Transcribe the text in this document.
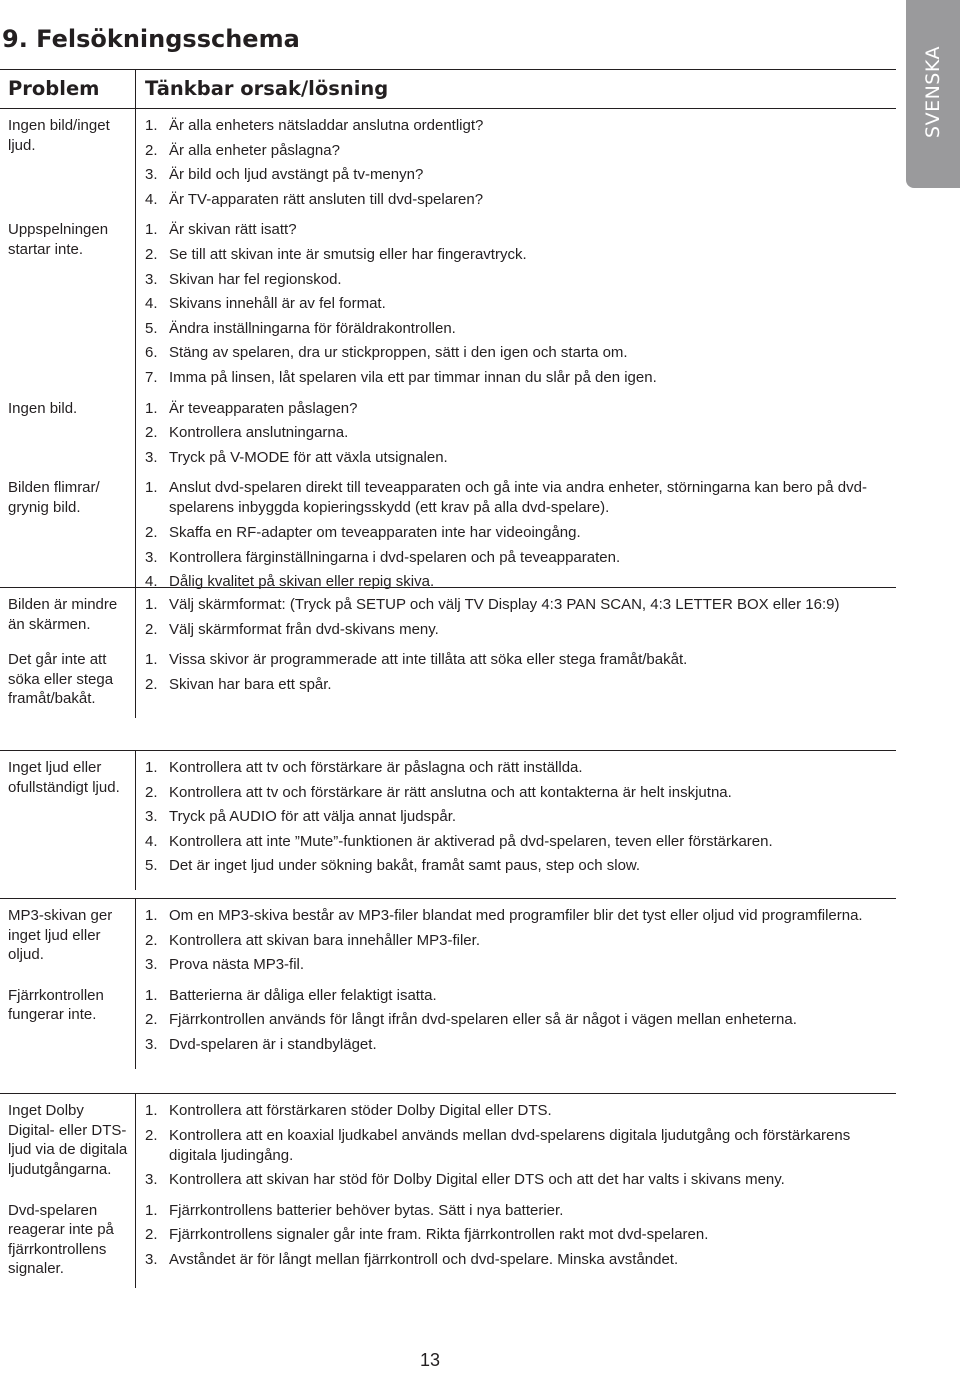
9. Felsökningsschema
SVENSKA
Problem	Tänkbar orsak/lösning
Ingen bild/inget ljud.
1. Är alla enheters nätsladdar anslutna ordentligt?
2. Är alla enheter påslagna?
3. Är bild och ljud avstängt på tv-menyn?
4. Är TV-apparaten rätt ansluten till dvd-spelaren?
Uppspelningen startar inte.
1. Är skivan rätt isatt?
2. Se till att skivan inte är smutsig eller har fingeravtryck.
3. Skivan har fel regionskod.
4. Skivans innehåll är av fel format.
5. Ändra inställningarna för föräldrakontrollen.
6. Stäng av spelaren, dra ur stickproppen, sätt i den igen och starta om.
7. Imma på linsen, låt spelaren vila ett par timmar innan du slår på den igen.
Ingen bild.	1. Är teveapparaten påslagen?
2. Kontrollera anslutningarna.
3. Tryck på V-MODE för att växla utsignalen.
Bilden flimrar/ grynig bild.
1. Anslut dvd-spelaren direkt till teveapparaten och gå inte via andra enheter, störningarna kan bero på dvd-spelarens inbyggda kopieringsskydd (ett krav på alla dvd-spelare).
2. Skaffa en RF-adapter om teveapparaten inte har videoingång.
3. Kontrollera färginställningarna i dvd-spelaren och på teveapparaten.
4. Dålig kvalitet på skivan eller repig skiva.
Bilden är mindre än skärmen.
1. Välj skärmformat: (Tryck på SETUP och välj TV Display 4:3 PAN SCAN, 4:3 LETTER BOX eller 16:9)
2. Välj skärmformat från dvd-skivans meny.
Det går inte att söka eller stega framåt/bakåt.
1. Vissa skivor är programmerade att inte tillåta att söka eller stega framåt/bakåt.
2. Skivan har bara ett spår.
Inget ljud eller ofullständigt ljud.
1. Kontrollera att tv och förstärkare är påslagna och rätt inställda.
2. Kontrollera att tv och förstärkare är rätt anslutna och att kontakterna är helt inskjutna.
3. Tryck på AUDIO för att välja annat ljudspår.
4. Kontrollera att inte ”Mute”-funktionen är aktiverad på dvd-spelaren, teven eller förstärkaren.
5. Det är inget ljud under sökning bakåt, framåt samt paus, step och slow.
MP3-skivan ger inget ljud eller oljud.
1. Om en MP3-skiva består av MP3-filer blandat med programfiler blir det tyst eller oljud vid programfilerna.
2. Kontrollera att skivan bara innehåller MP3-filer.
3. Prova nästa MP3-fil.
Fjärrkontrollen fungerar inte.
1. Batterierna är dåliga eller felaktigt isatta.
2. Fjärrkontrollen används för långt ifrån dvd-spelaren eller så är något i vägen mellan enheterna.
3. Dvd-spelaren är i standbyläget.
Inget Dolby Digital- eller DTS-ljud via de digitala ljudutgångarna.
1. Kontrollera att förstärkaren stöder Dolby Digital eller DTS.
2. Kontrollera att en koaxial ljudkabel används mellan dvd-spelarens digitala ljudutgång och förstärkarens digitala ljudingång.
3. Kontrollera att skivan har stöd för Dolby Digital eller DTS och att det har valts i skivans meny.
Dvd-spelaren reagerar inte på fjärrkontrollens signaler.
1. Fjärrkontrollens batterier behöver bytas. Sätt i nya batterier.
2. Fjärrkontrollens signaler går inte fram. Rikta fjärrkontrollen rakt mot dvd-spelaren.
3. Avståndet är för långt mellan fjärrkontroll och dvd-spelare. Minska avståndet.

13
